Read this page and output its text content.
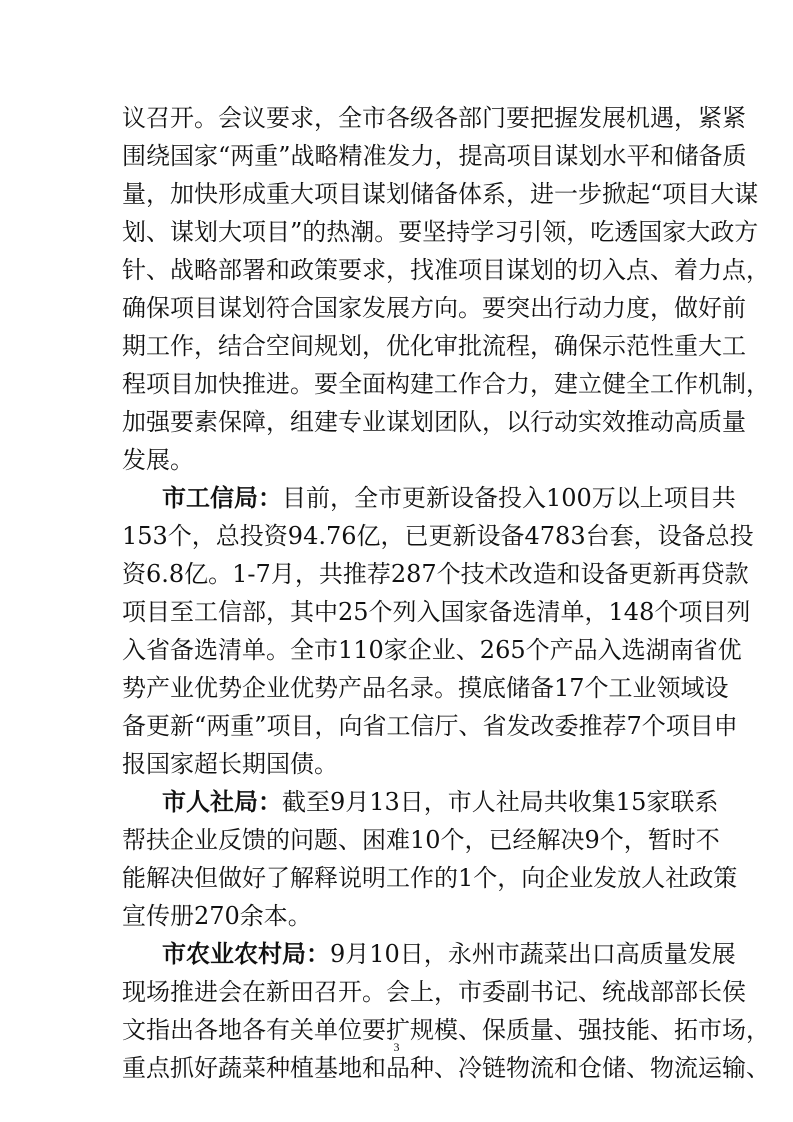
议召开。会议要求，全市各级各部门要把握发展机遇，紧紧
围绕国家“两重”战略精准发力，提高项目谋划水平和储备质
量，加快形成重大项目谋划储备体系，进一步掀起“项目大谋
划、谋划大项目”的热潮。要坚持学习引领，吃透国家大政方
针、战略部署和政策要求，找准项目谋划的切入点、着力点，
确保项目谋划符合国家发展方向。要突出行动力度，做好前
期工作，结合空间规划，优化审批流程，确保示范性重大工
程项目加快推进。要全面构建工作合力，建立健全工作机制，
加强要素保障，组建专业谋划团队，以行动实效推动高质量
发展。
市工信局：目前，全市更新设备投入100万以上项目共
153个，总投资94.76亿，已更新设备4783台套，设备总投
资6.8亿。1-7月，共推荐287个技术改造和设备更新再贷款
项目至工信部，其中25个列入国家备选清单，148个项目列
入省备选清单。全市110家企业、265个产品入选湖南省优
势产业优势企业优势产品名录。摸底储备17个工业领域设
备更新“两重”项目，向省工信厅、省发改委推荐7个项目申
报国家超长期国债。
市人社局：截至9月13日，市人社局共收集15家联系
帮扶企业反馈的问题、困难10个，已经解决9个，暂时不
能解决但做好了解释说明工作的1个，向企业发放人社政策
宣传册270余本。
市农业农村局：9月10日，永州市蔬菜出口高质量发展
现场推进会在新田召开。会上，市委副书记、统战部部长侯
3
文指出各地各有关单位要扩规模、保质量、强技能、拓市场，
重点抓好蔬菜种植基地和品种、冷链物流和仓储、物流运输、
